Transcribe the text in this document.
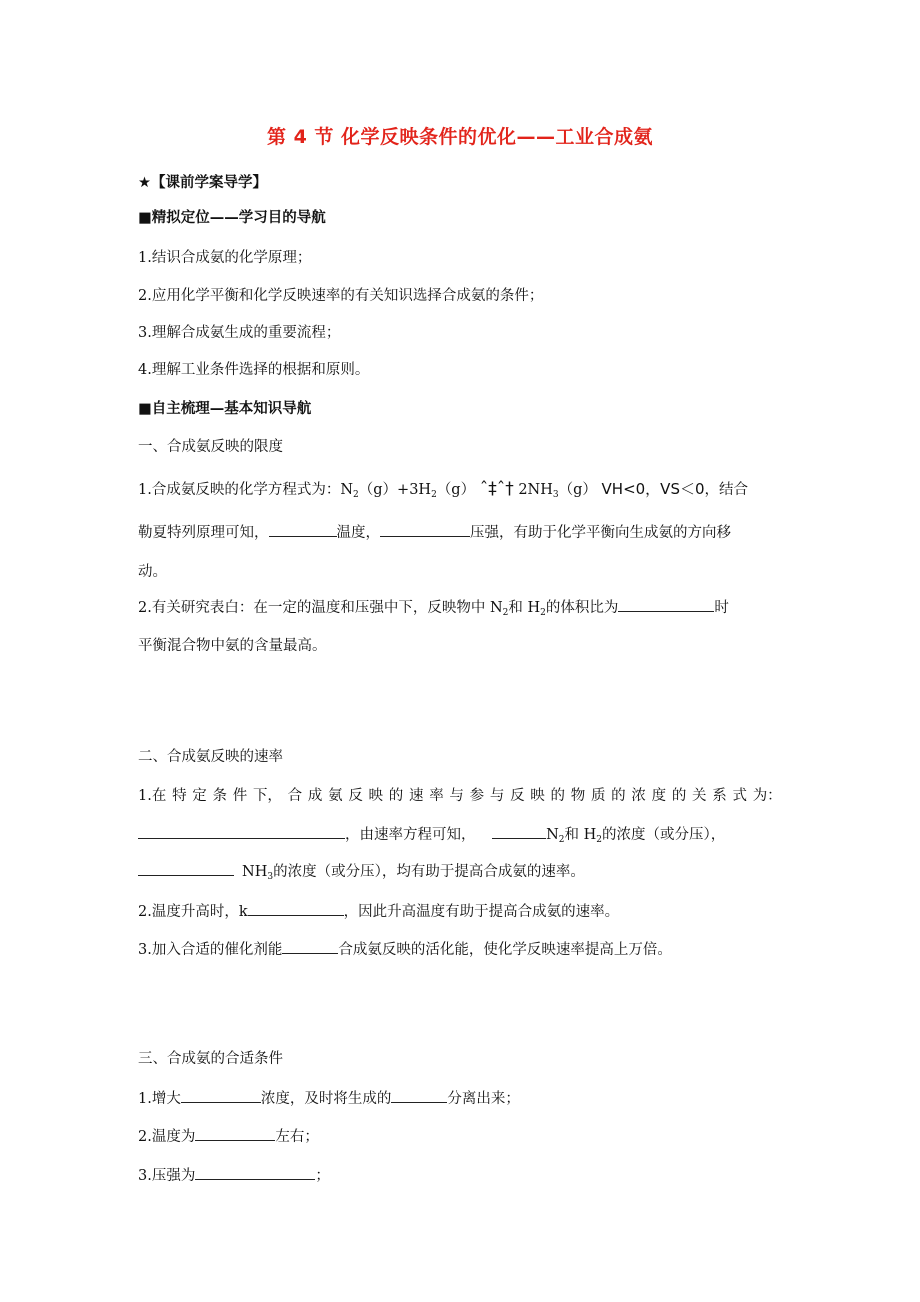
第 4 节 化学反映条件的优化——工业合成氨
★【课前学案导学】
■精拟定位——学习目的导航
1.结识合成氨的化学原理；
2.应用化学平衡和化学反映速率的有关知识选择合成氨的条件；
3.理解合成氨生成的重要流程；
4.理解工业条件选择的根据和原则。
■自主梳理—基本知识导航
一、合成氨反映的限度
1.合成氨反映的化学方程式为：$N_2(g)+3H_2(g)$ ˆ‡ˆ† $2NH_3(g)$ VH<0，VS＜0，结合
勒夏特列原理可知，	温度，	压强，有助于化学平衡向生成氨的方向移
动。
2.有关研究表白：在一定的温度和压强中下，反映物中 $N_2$和 $H_2$的体积比为	时
平衡混合物中氨的含量最高。
二、合成氨反映的速率
1.在 特 定 条 件 下， 合 成 氨 反 映 的 速 率 与 参 与 反 映 的 物 质 的 浓 度 的 关 系 式 为：
，由速率方程可知，	$N_2$和 $H_2$的浓度（或分压），
$NH_3$的浓度（或分压），均有助于提高合成氨的速率。
2.温度升高时，k	，因此升高温度有助于提高合成氨的速率。
3.加入合适的催化剂能	合成氨反映的活化能，使化学反映速率提高上万倍。
三、合成氨的合适条件
1.增大	浓度，及时将生成的	分离出来；
2.温度为	左右；
3.压强为	；
